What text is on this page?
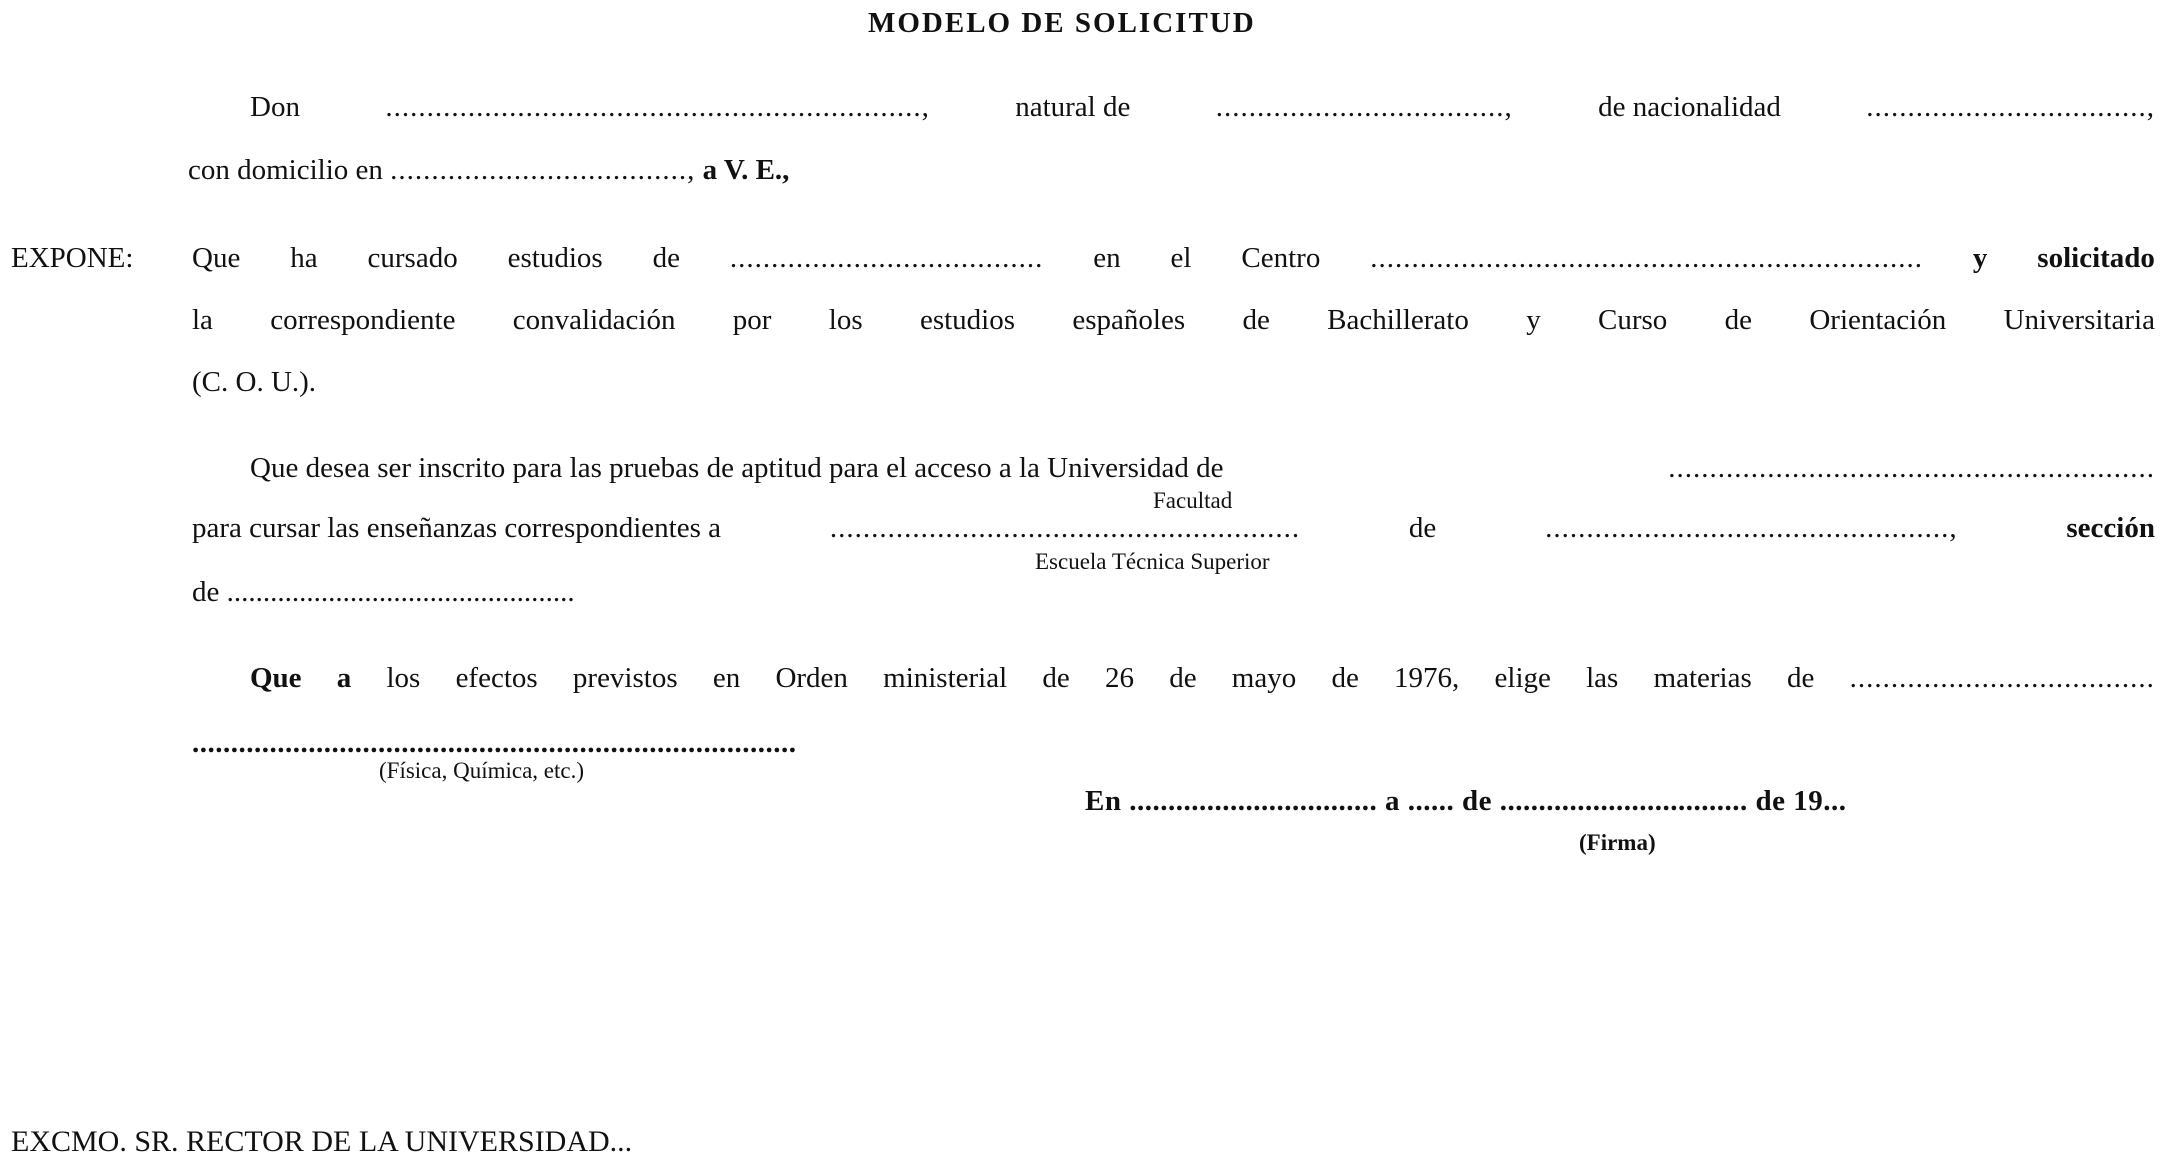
MODELO DE SOLICITUD
Don	.................................................................,	natural de	...................................,	de nacionalidad	..................................,
con domicilio en ...................................., a V. E.,
EXPONE: Que ha cursado estudios de ...................................... en el Centro ................................................................... y solicitado
la correspondiente convalidación por los estudios españoles de Bachillerato y Curso de Orientación Universitaria
(C. O. U.).
Que desea ser inscrito para las pruebas de aptitud para el acceso a la Universidad de	...........................................................
Facultad
para cursar las enseñanzas correspondientes a	.........................................................	de	.................................................,	sección
Escuela Técnica Superior
de ................................................
Que a los efectos previstos en Orden ministerial de 26 de mayo de 1976, elige las materias de .....................................
..............................................................................
(Física, Química, etc.)
En ................................ a ...... de ................................ de 19...
(Firma)
EXCMO. SR. RECTOR DE LA UNIVERSIDAD...
